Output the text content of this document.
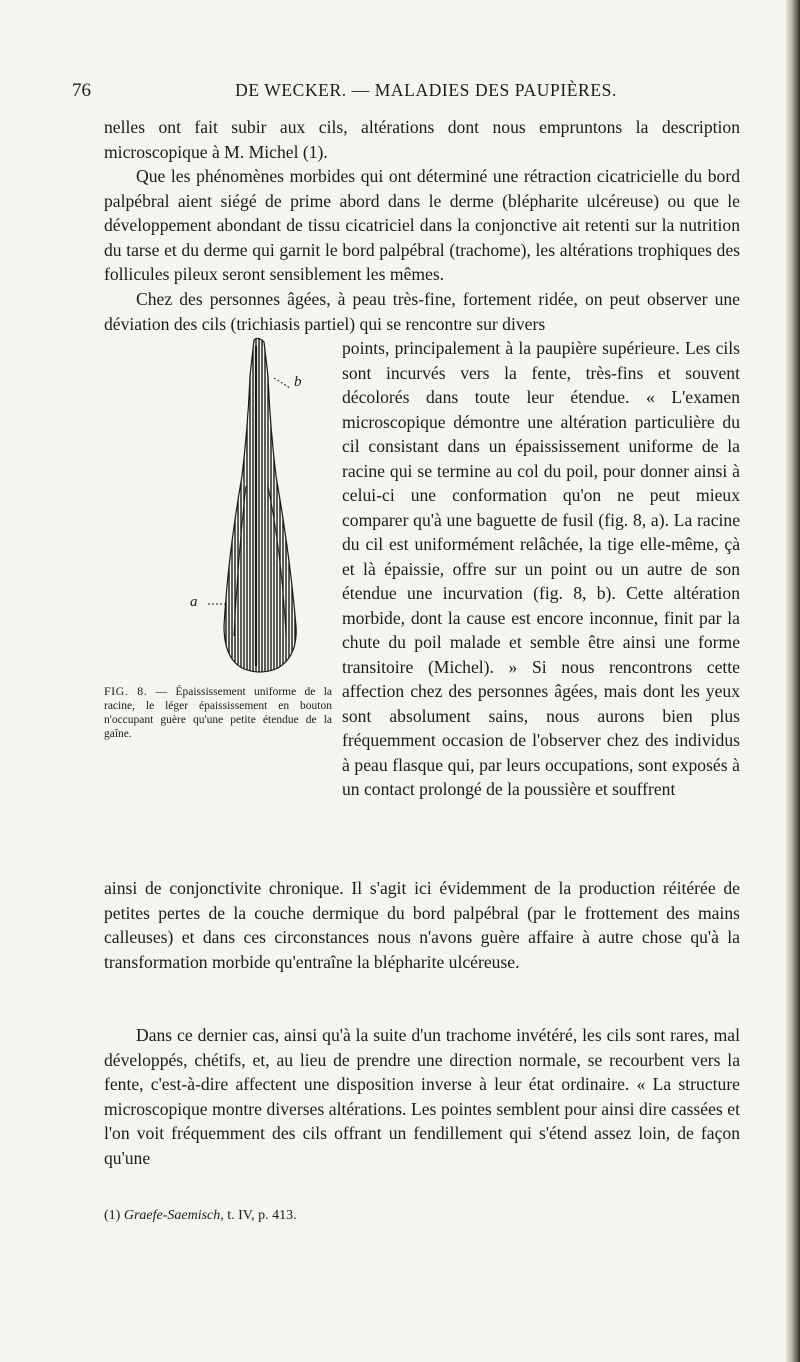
76	DE WECKER. — MALADIES DES PAUPIÈRES.

nelles ont fait subir aux cils, altérations dont nous empruntons la description microscopique à M. Michel (1).

Que les phénomènes morbides qui ont déterminé une rétraction cicatricielle du bord palpébral aient siégé de prime abord dans le derme (blépharite ulcéreuse) ou que le développement abondant de tissu cicatriciel dans la conjonctive ait retenti sur la nutrition du tarse et du derme qui garnit le bord palpébral (trachome), les altérations trophiques des follicules pileux seront sensiblement les mêmes.

Chez des personnes âgées, à peau très-fine, fortement ridée, on peut observer une déviation des cils (trichiasis partiel) qui se rencontre sur divers

points, principalement à la paupière supérieure. Les cils sont incurvés vers la fente, très-fins et souvent décolorés dans toute leur étendue. « L'examen microscopique démontre une altération particulière du cil consistant dans un épaississement uniforme de la racine qui se termine au col du poil, pour donner ainsi à celui-ci une conformation qu'on ne peut mieux comparer qu'à une baguette de fusil (fig. 8, a). La racine du cil est uniformément relâchée, la tige elle-même, çà et là épaissie, offre sur un point ou un autre de son étendue une incurvation (fig. 8, b). Cette altération morbide, dont la cause est encore inconnue, finit par la chute du poil malade et semble être ainsi une forme transitoire (Michel). » Si nous rencontrons cette affection chez des personnes âgées, mais dont les yeux sont absolument sains, nous aurons bien plus fréquemment occasion de l'observer chez des individus à peau flasque qui, par leurs occupations, sont exposés à un contact prolongé de la poussière et souffrent

b
a
FIG. 8. — Épaississement uniforme de la racine, le léger épaississement en bouton n'occupant guère qu'une petite étendue de la gaîne.

ainsi de conjonctivite chronique. Il s'agit ici évidemment de la production réitérée de petites pertes de la couche dermique du bord palpébral (par le frottement des mains calleuses) et dans ces circonstances nous n'avons guère affaire à autre chose qu'à la transformation morbide qu'entraîne la blépharite ulcéreuse.

Dans ce dernier cas, ainsi qu'à la suite d'un trachome invétéré, les cils sont rares, mal développés, chétifs, et, au lieu de prendre une direction normale, se recourbent vers la fente, c'est-à-dire affectent une disposition inverse à leur état ordinaire. « La structure microscopique montre diverses altérations. Les pointes semblent pour ainsi dire cassées et l'on voit fréquemment des cils offrant un fendillement qui s'étend assez loin, de façon qu'une

(1) Graefe-Saemisch, t. IV, p. 413.
